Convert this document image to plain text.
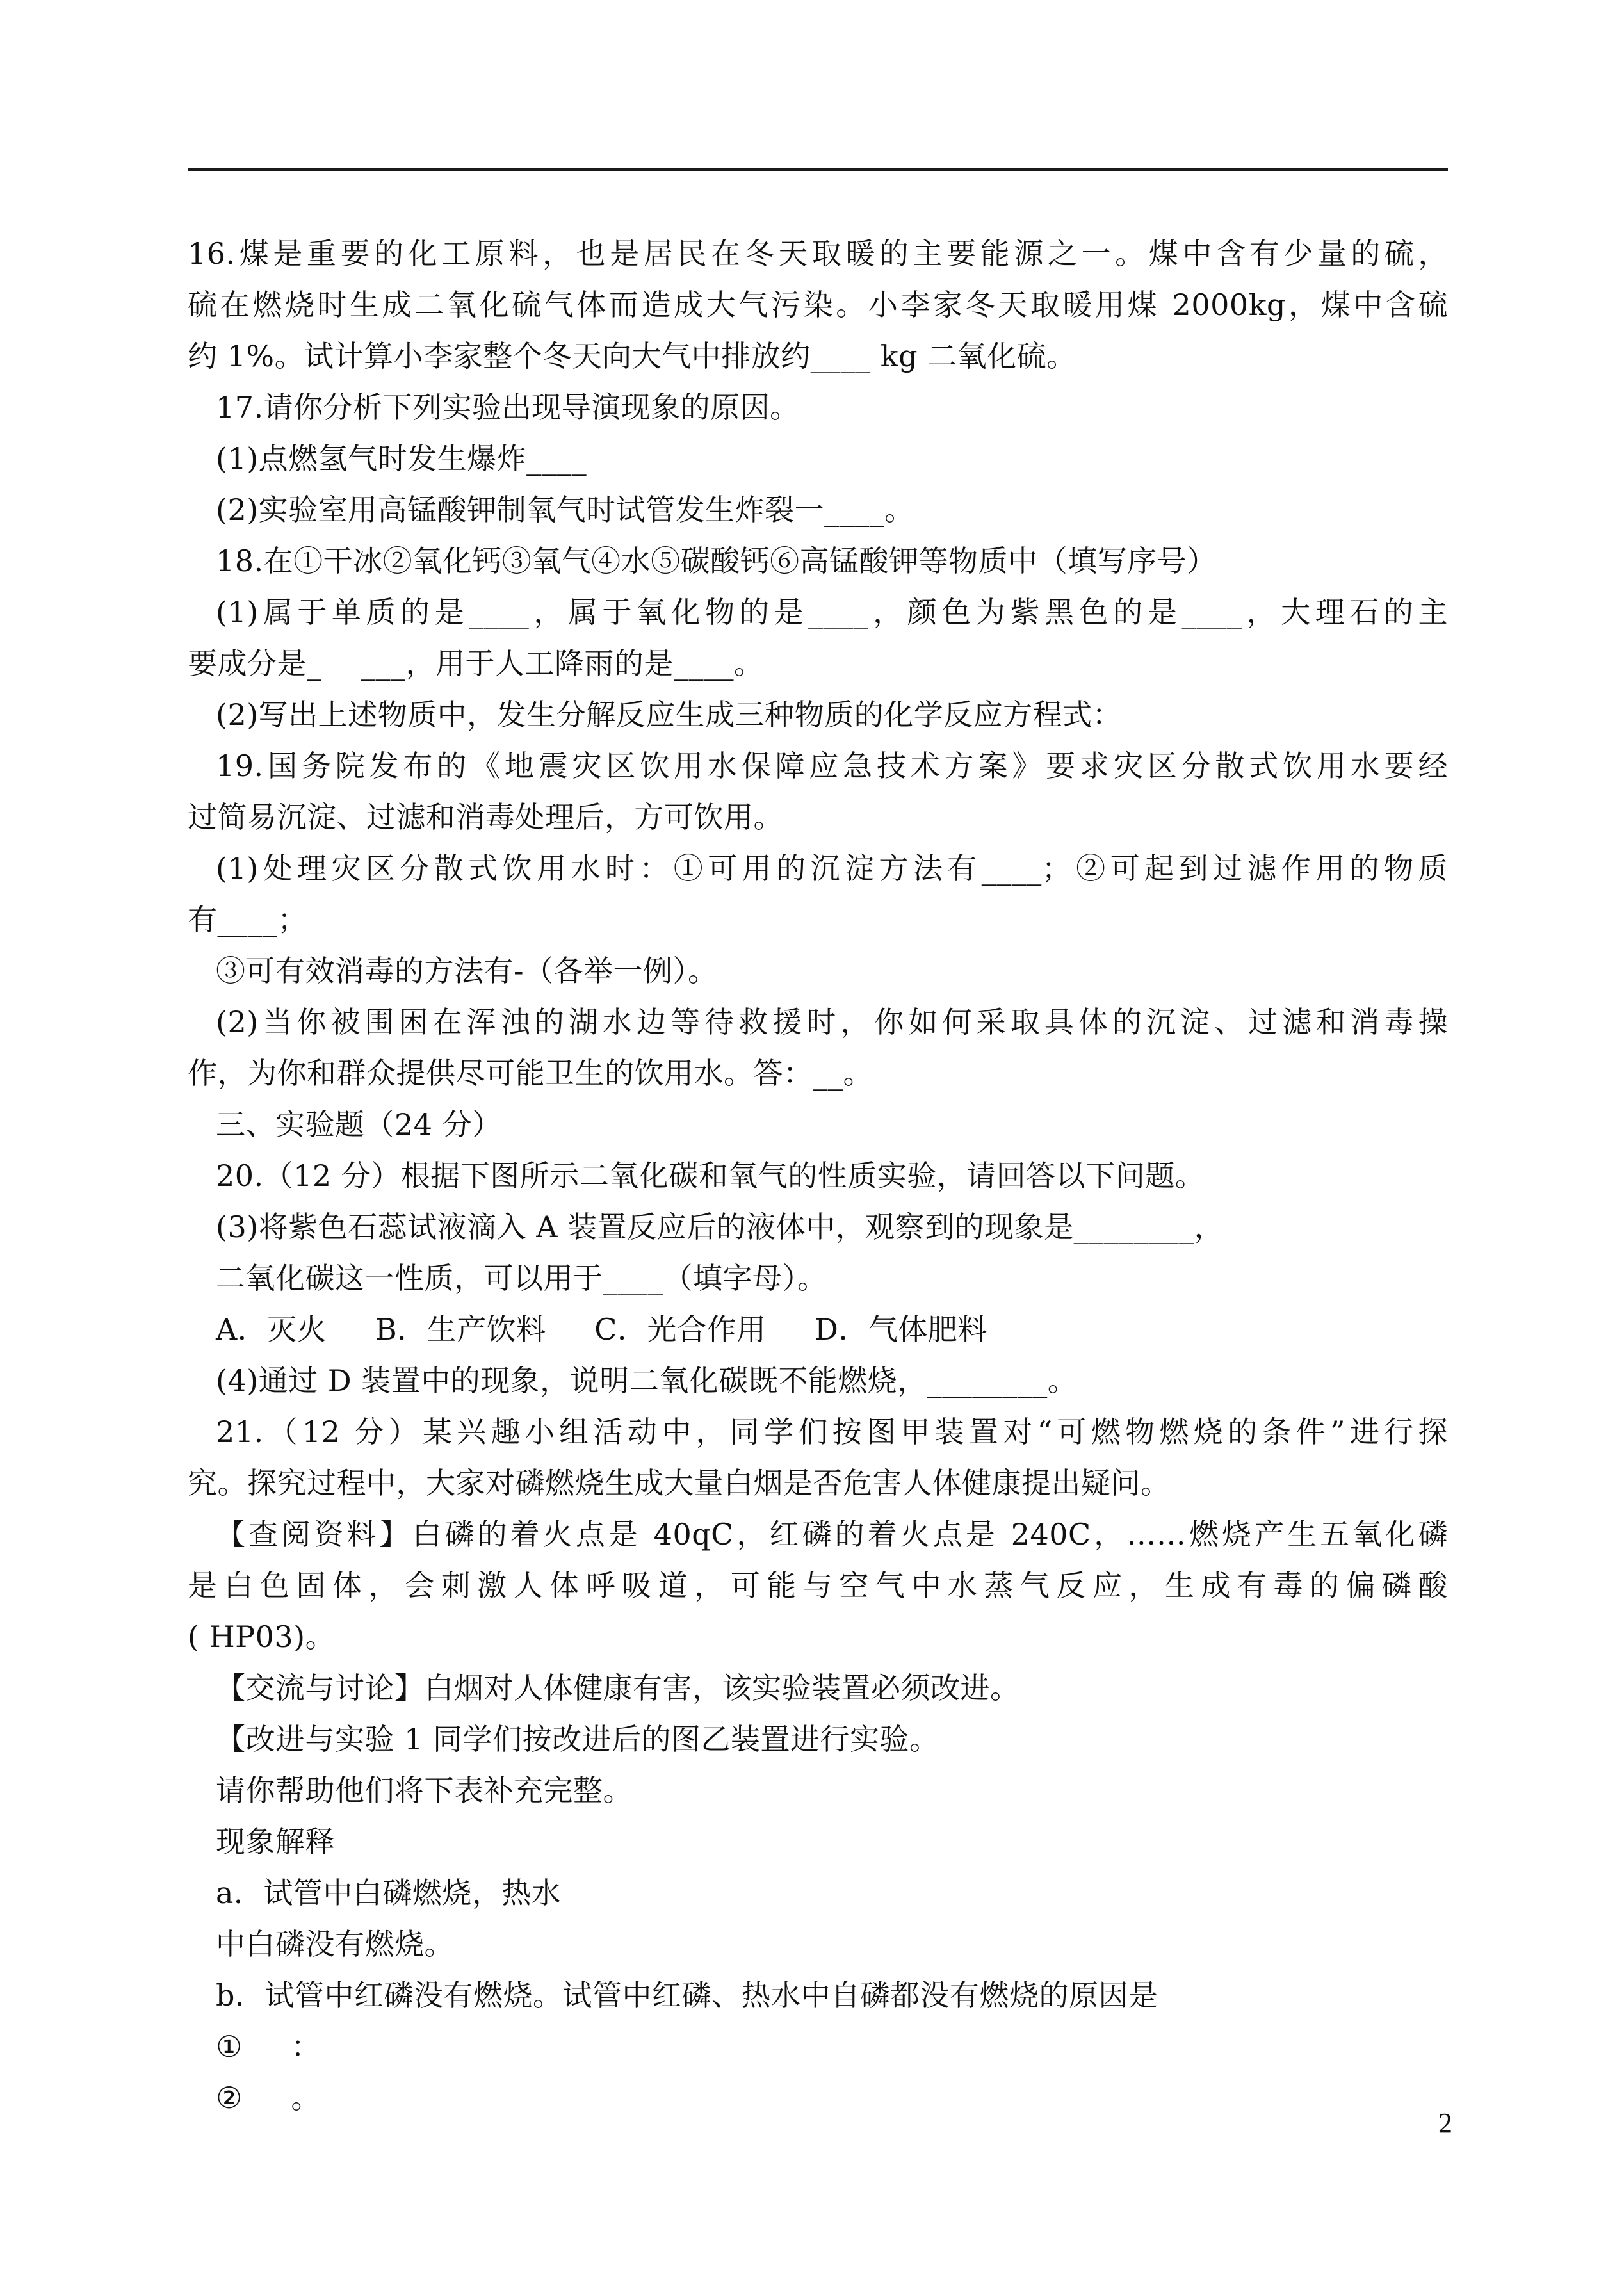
16.煤是重要的化工原料，也是居民在冬天取暖的主要能源之一。煤中含有少量的硫，
硫在燃烧时生成二氧化硫气体而造成大气污染。小李家冬天取暖用煤 2000kg，煤中含硫
约 1%。试计算小李家整个冬天向大气中排放约____ kg 二氧化硫。
17.请你分析下列实验出现导演现象的原因。
(1)点燃氢气时发生爆炸____
(2)实验室用高锰酸钾制氧气时试管发生炸裂一____。
18.在①干冰②氧化钙③氧气④水⑤碳酸钙⑥高锰酸钾等物质中（填写序号）
(1)属于单质的是____，属于氧化物的是____，颜色为紫黑色的是____，大理石的主
要成分是_    ___，用于人工降雨的是____。
(2)写出上述物质中，发生分解反应生成三种物质的化学反应方程式：
19.国务院发布的《地震灾区饮用水保障应急技术方案》要求灾区分散式饮用水要经
过简易沉淀、过滤和消毒处理后，方可饮用。
(1)处理灾区分散式饮用水时：①可用的沉淀方法有____；②可起到过滤作用的物质
有____；
③可有效消毒的方法有-（各举一例）。
(2)当你被围困在浑浊的湖水边等待救援时，你如何采取具体的沉淀、过滤和消毒操
作，为你和群众提供尽可能卫生的饮用水。答：__。
三、实验题（24 分）
20.（12 分）根据下图所示二氧化碳和氧气的性质实验，请回答以下问题。
(3)将紫色石蕊试液滴入 A 装置反应后的液体中，观察到的现象是________，
二氧化碳这一性质，可以用于____（填字母）。
A．灭火     B．生产饮料     C．光合作用     D．气体肥料
(4)通过 D 装置中的现象，说明二氧化碳既不能燃烧，________。
21.（12 分）某兴趣小组活动中，同学们按图甲装置对“可燃物燃烧的条件”进行探
究。探究过程中，大家对磷燃烧生成大量白烟是否危害人体健康提出疑问。
【查阅资料】白磷的着火点是 40qC，红磷的着火点是 240C，……燃烧产生五氧化磷
是白色固体，会刺激人体呼吸道，可能与空气中水蒸气反应，生成有毒的偏磷酸
( HP03)。
【交流与讨论】白烟对人体健康有害，该实验装置必须改进。
【改进与实验 1 同学们按改进后的图乙装置进行实验。
请你帮助他们将下表补充完整。
现象解释
a．试管中白磷燃烧，热水
中白磷没有燃烧。
b．试管中红磷没有燃烧。试管中红磷、热水中自磷都没有燃烧的原因是
①     ：
②     。
2
